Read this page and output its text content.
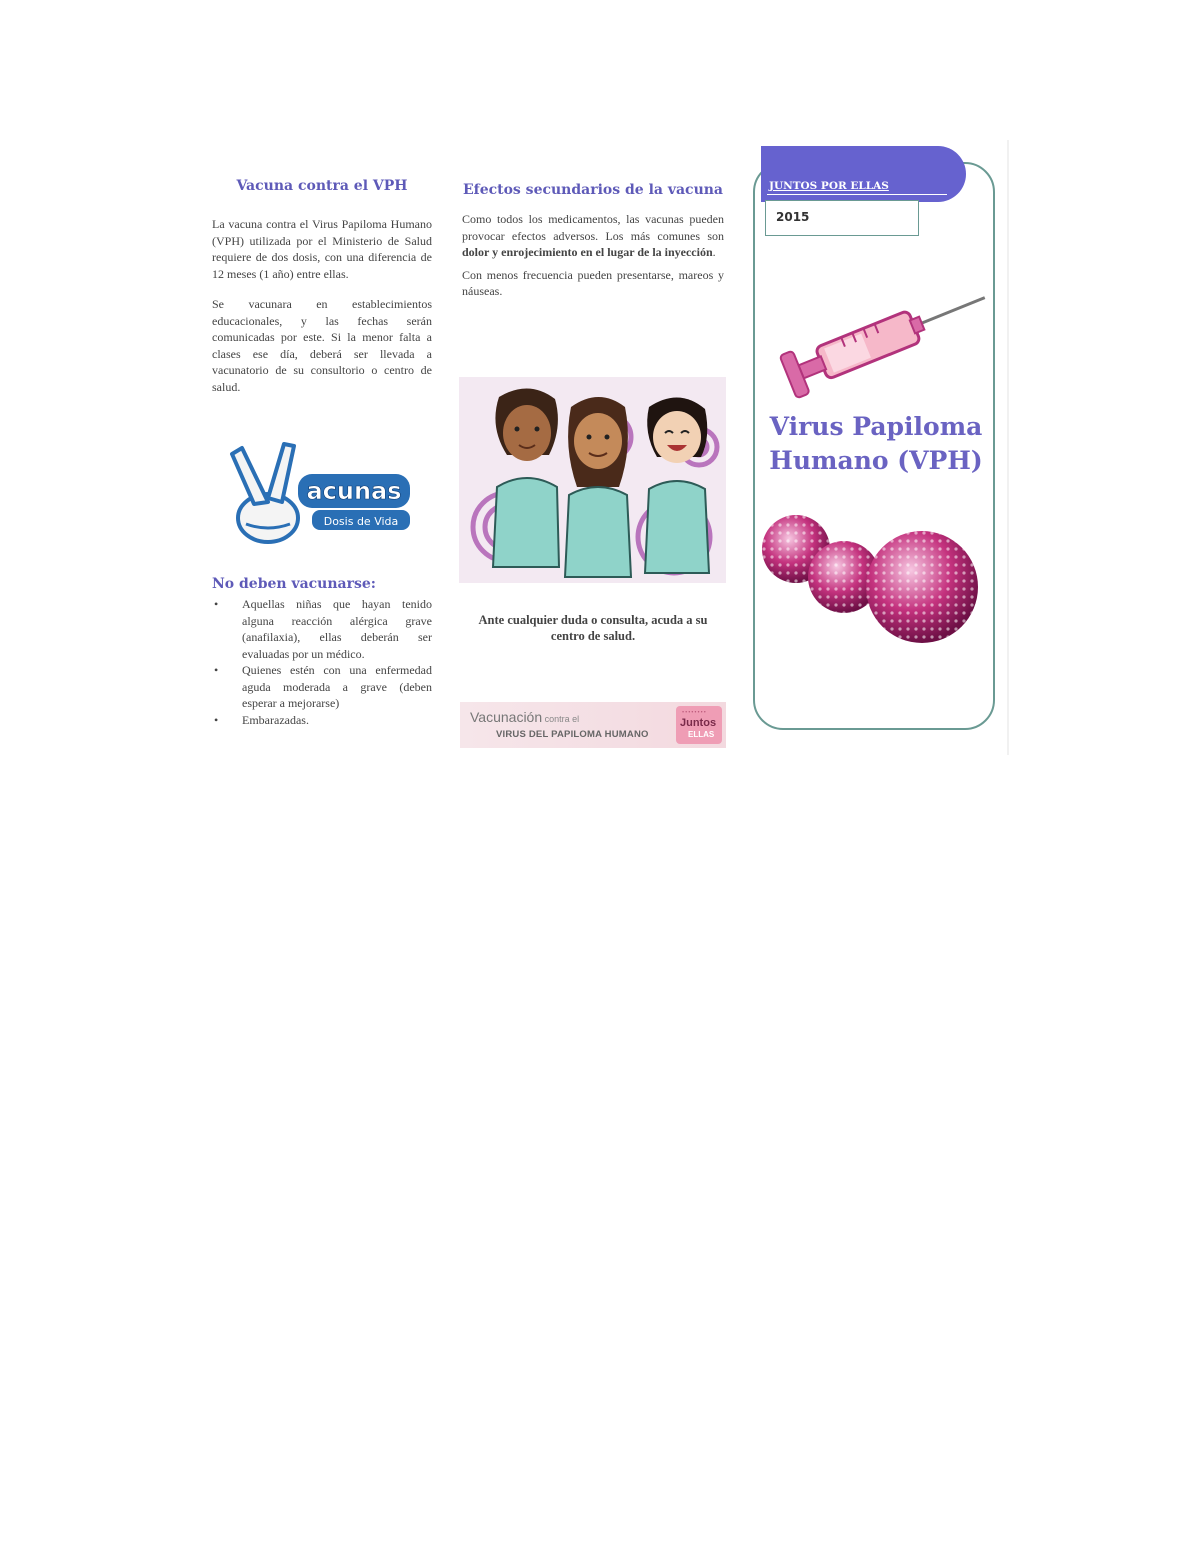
Vacuna contra el VPH

La vacuna contra el Virus Papiloma Humano (VPH) utilizada por el Ministerio de Salud requiere de dos dosis, con una diferencia de 12 meses (1 año) entre ellas.

Se vacunara en establecimientos educacionales, y las fechas serán comunicadas por este. Si la menor falta a clases ese día, deberá ser llevada a vacunatorio de su consultorio o centro de salud.

acunas
Dosis de Vida
No deben vacunarse:
• Aquellas niñas que hayan tenido alguna reacción alérgica grave (anafilaxia), ellas deberán ser evaluadas por un médico.
• Quienes estén con una enfermedad aguda moderada a grave (deben esperar a mejorarse)
• Embarazadas.
Efectos secundarios de la vacuna

Como todos los medicamentos, las vacunas pueden provocar efectos adversos. Los más comunes son dolor y enrojecimiento en el lugar de la inyección.

Con menos frecuencia pueden presentarse, mareos y náuseas.

Ante cualquier duda o consulta, acuda a su centro de salud.

Vacunación contra el
VIRUS DEL PAPILOMA HUMANO
••••••••
Juntos
ELLAS
JUNTOS POR ELLAS
2015
Virus Papiloma Humano (VPH)
